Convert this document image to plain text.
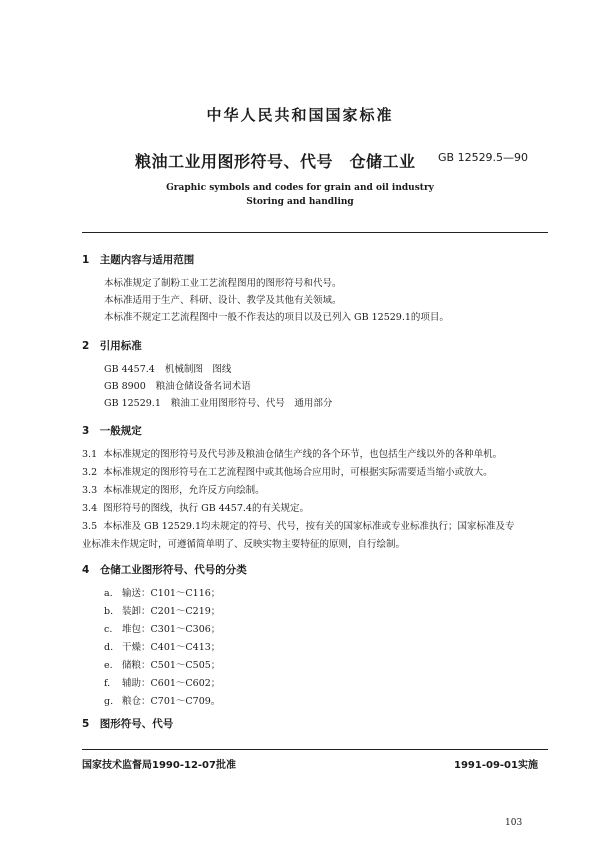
中华人民共和国国家标准
粮油工业用图形符号、代号　仓储工业 GB 12529.5—90
Graphic symbols and codes for grain and oil industry
Storing and handling
1　主题内容与适用范围
本标准规定了制粉工业工艺流程图用的图形符号和代号。
本标准适用于生产、科研、设计、教学及其他有关领域。
本标准不规定工艺流程图中一般不作表达的项目以及已列入 GB 12529.1的项目。
2　引用标准
GB 4457.4 机械制图　图线
GB 8900 粮油仓储设备名词术语
GB 12529.1 粮油工业用图形符号、代号　通用部分
3　一般规定
3.1 本标准规定的图形符号及代号涉及粮油仓储生产线的各个环节，也包括生产线以外的各种单机。
3.2 本标准规定的图形符号在工艺流程图中或其他场合应用时，可根据实际需要适当缩小或放大。
3.3 本标准规定的图形，允许反方向绘制。
3.4 图形符号的图线，执行 GB 4457.4的有关规定。
3.5 本标准及 GB 12529.1均未规定的符号、代号，按有关的国家标准或专业标准执行；国家标准及专
业标准未作规定时，可遵循简单明了、反映实物主要特征的原则，自行绘制。
4　仓储工业图形符号、代号的分类
a. 输送：C101～C116；
b. 装卸：C201～C219；
c. 堆包：C301～C306；
d. 干燥：C401～C413；
e. 储粮：C501～C505；
f. 辅助：C601～C602；
g. 粮仓：C701～C709。
5　图形符号、代号
国家技术监督局1990-12-07批准	1991-09-01实施
103
